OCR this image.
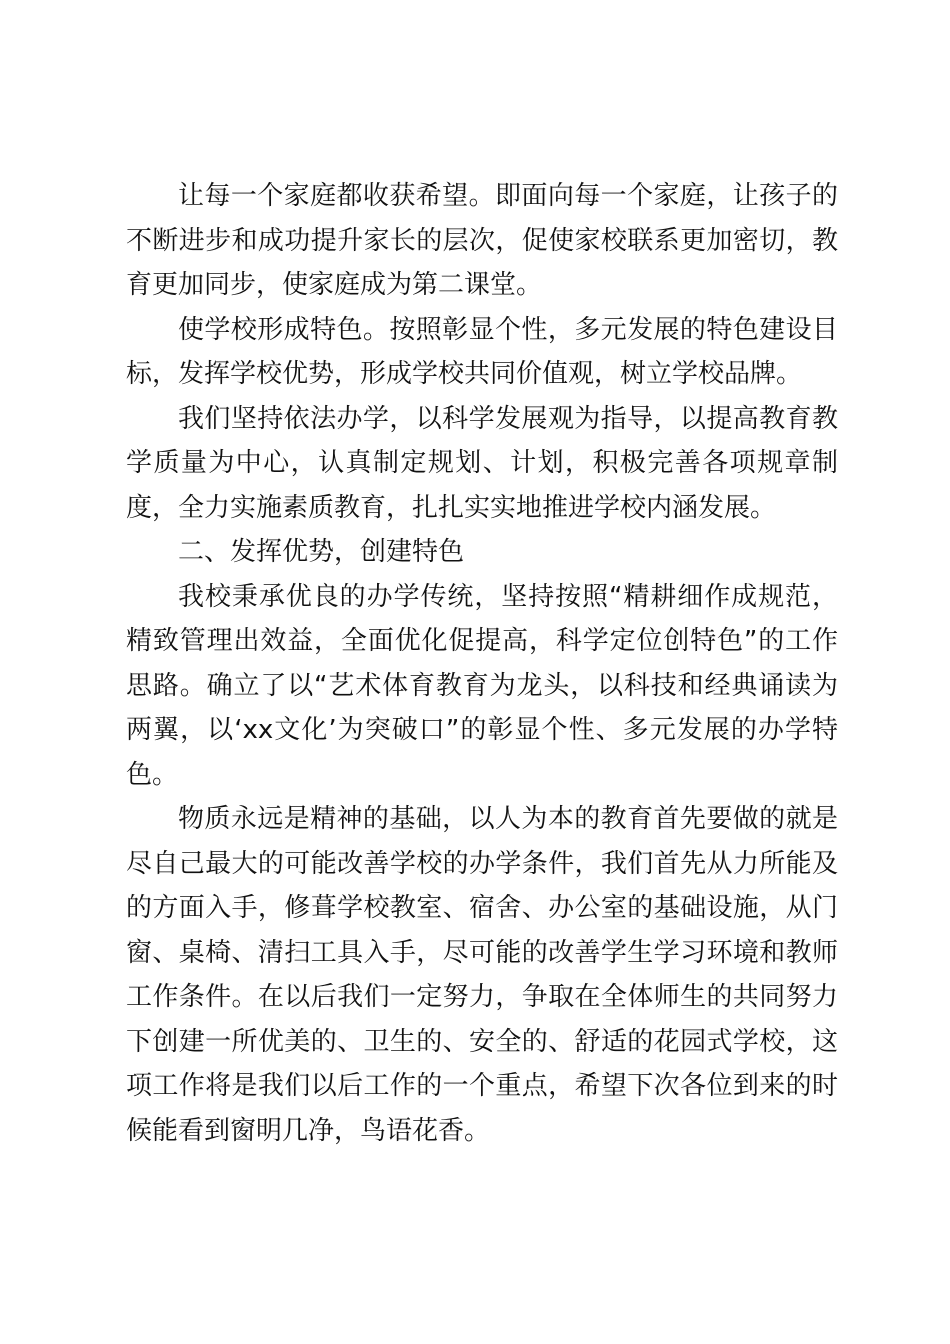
让每一个家庭都收获希望。即面向每一个家庭，让孩子的不断进步和成功提升家长的层次，促使家校联系更加密切，教育更加同步，使家庭成为第二课堂。

使学校形成特色。按照彰显个性，多元发展的特色建设目标，发挥学校优势，形成学校共同价值观，树立学校品牌。

我们坚持依法办学，以科学发展观为指导，以提高教育教学质量为中心，认真制定规划、计划，积极完善各项规章制度，全力实施素质教育，扎扎实实地推进学校内涵发展。

二、发挥优势，创建特色

我校秉承优良的办学传统，坚持按照“精耕细作成规范，精致管理出效益，全面优化促提高，科学定位创特色”的工作思路。确立了以“艺术体育教育为龙头，以科技和经典诵读为两翼，以‘xx文化’为突破口”的彰显个性、多元发展的办学特色。

物质永远是精神的基础，以人为本的教育首先要做的就是尽自己最大的可能改善学校的办学条件，我们首先从力所能及的方面入手，修葺学校教室、宿舍、办公室的基础设施，从门窗、桌椅、清扫工具入手，尽可能的改善学生学习环境和教师工作条件。在以后我们一定努力，争取在全体师生的共同努力下创建一所优美的、卫生的、安全的、舒适的花园式学校，这项工作将是我们以后工作的一个重点，希望下次各位到来的时候能看到窗明几净，鸟语花香。
